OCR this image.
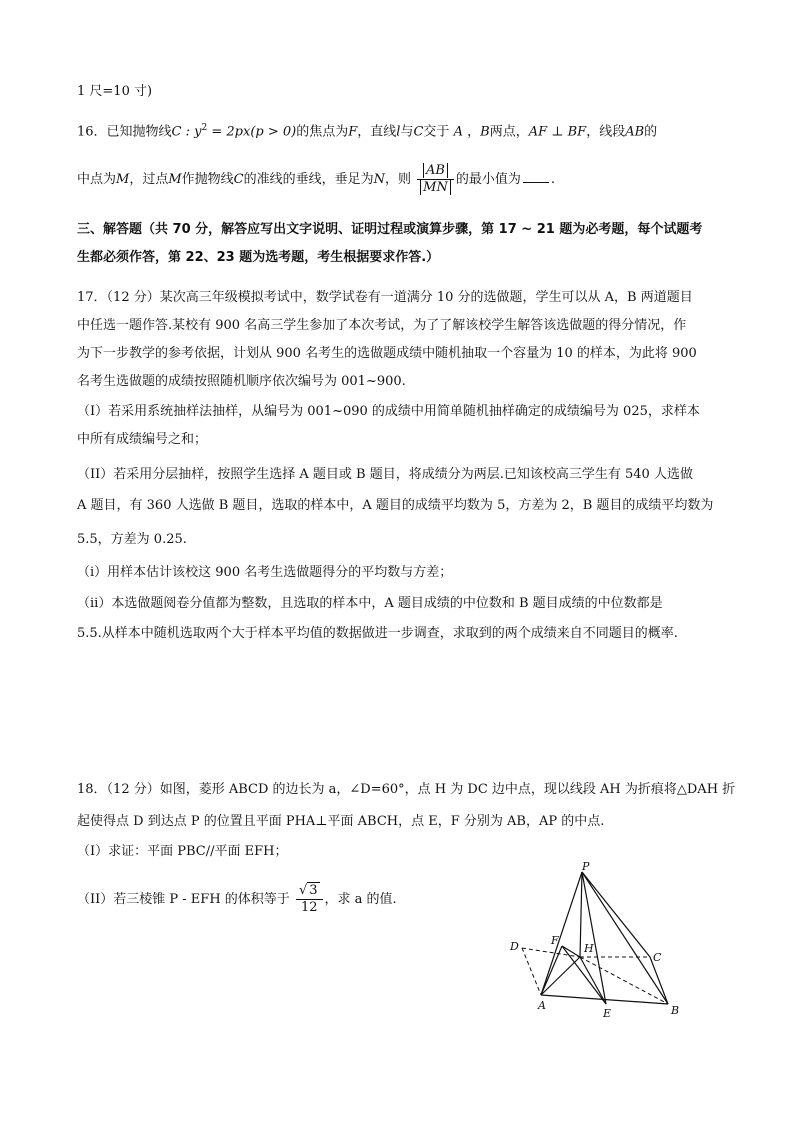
1 尺=10 寸)
16．已知抛物线C : $y^2 = 2px(p > 0)$的焦点为F，直线l与C交于 A ，B两点，AF ⊥ BF，线段AB的
中点为M，过点M作抛物线C的准线的垂线，垂足为N，则 $\frac{AB}{MN}$ 的最小值为 .
三、解答题（共 70 分，解答应写出文字说明、证明过程或演算步骤，第 17 ~ 21 题为必考题，每个试题考
生都必须作答，第 22、23 题为选考题，考生根据要求作答.）
17．（12 分）某次高三年级模拟考试中，数学试卷有一道满分 10 分的选做题，学生可以从 A，B 两道题目
中任选一题作答.某校有 900 名高三学生参加了本次考试，为了了解该校学生解答该选做题的得分情况，作
为下一步教学的参考依据，计划从 900 名考生的选做题成绩中随机抽取一个容量为 10 的样本，为此将 900
名考生选做题的成绩按照随机顺序依次编号为 001~900.
（I）若采用系统抽样法抽样，从编号为 001~090 的成绩中用简单随机抽样确定的成绩编号为 025，求样本
中所有成绩编号之和；
（II）若采用分层抽样，按照学生选择 A 题目或 B 题目，将成绩分为两层.已知该校高三学生有 540 人选做
A 题目，有 360 人选做 B 题目，选取的样本中，A 题目的成绩平均数为 5，方差为 2，B 题目的成绩平均数为
5.5，方差为 0.25.
（i）用样本估计该校这 900 名考生选做题得分的平均数与方差；
（ii）本选做题阅卷分值都为整数，且选取的样本中，A 题目成绩的中位数和 B 题目成绩的中位数都是
5.5.从样本中随机选取两个大于样本平均值的数据做进一步调查，求取到的两个成绩来自不同题目的概率.
18．（12 分）如图，菱形 ABCD 的边长为 a，∠D=60°，点 H 为 DC 边中点，现以线段 AH 为折痕将△DAH 折
起使得点 D 到达点 P 的位置且平面 PHA⊥平面 ABCH，点 E，F 分别为 AB，AP 的中点.
（I）求证：平面 PBC//平面 EFH；
（II）若三棱锥 P - EFH 的体积等于 $\frac{√ 3}{12}$ ，求 a 的值.
P
D	F
H
C
A
E	B
